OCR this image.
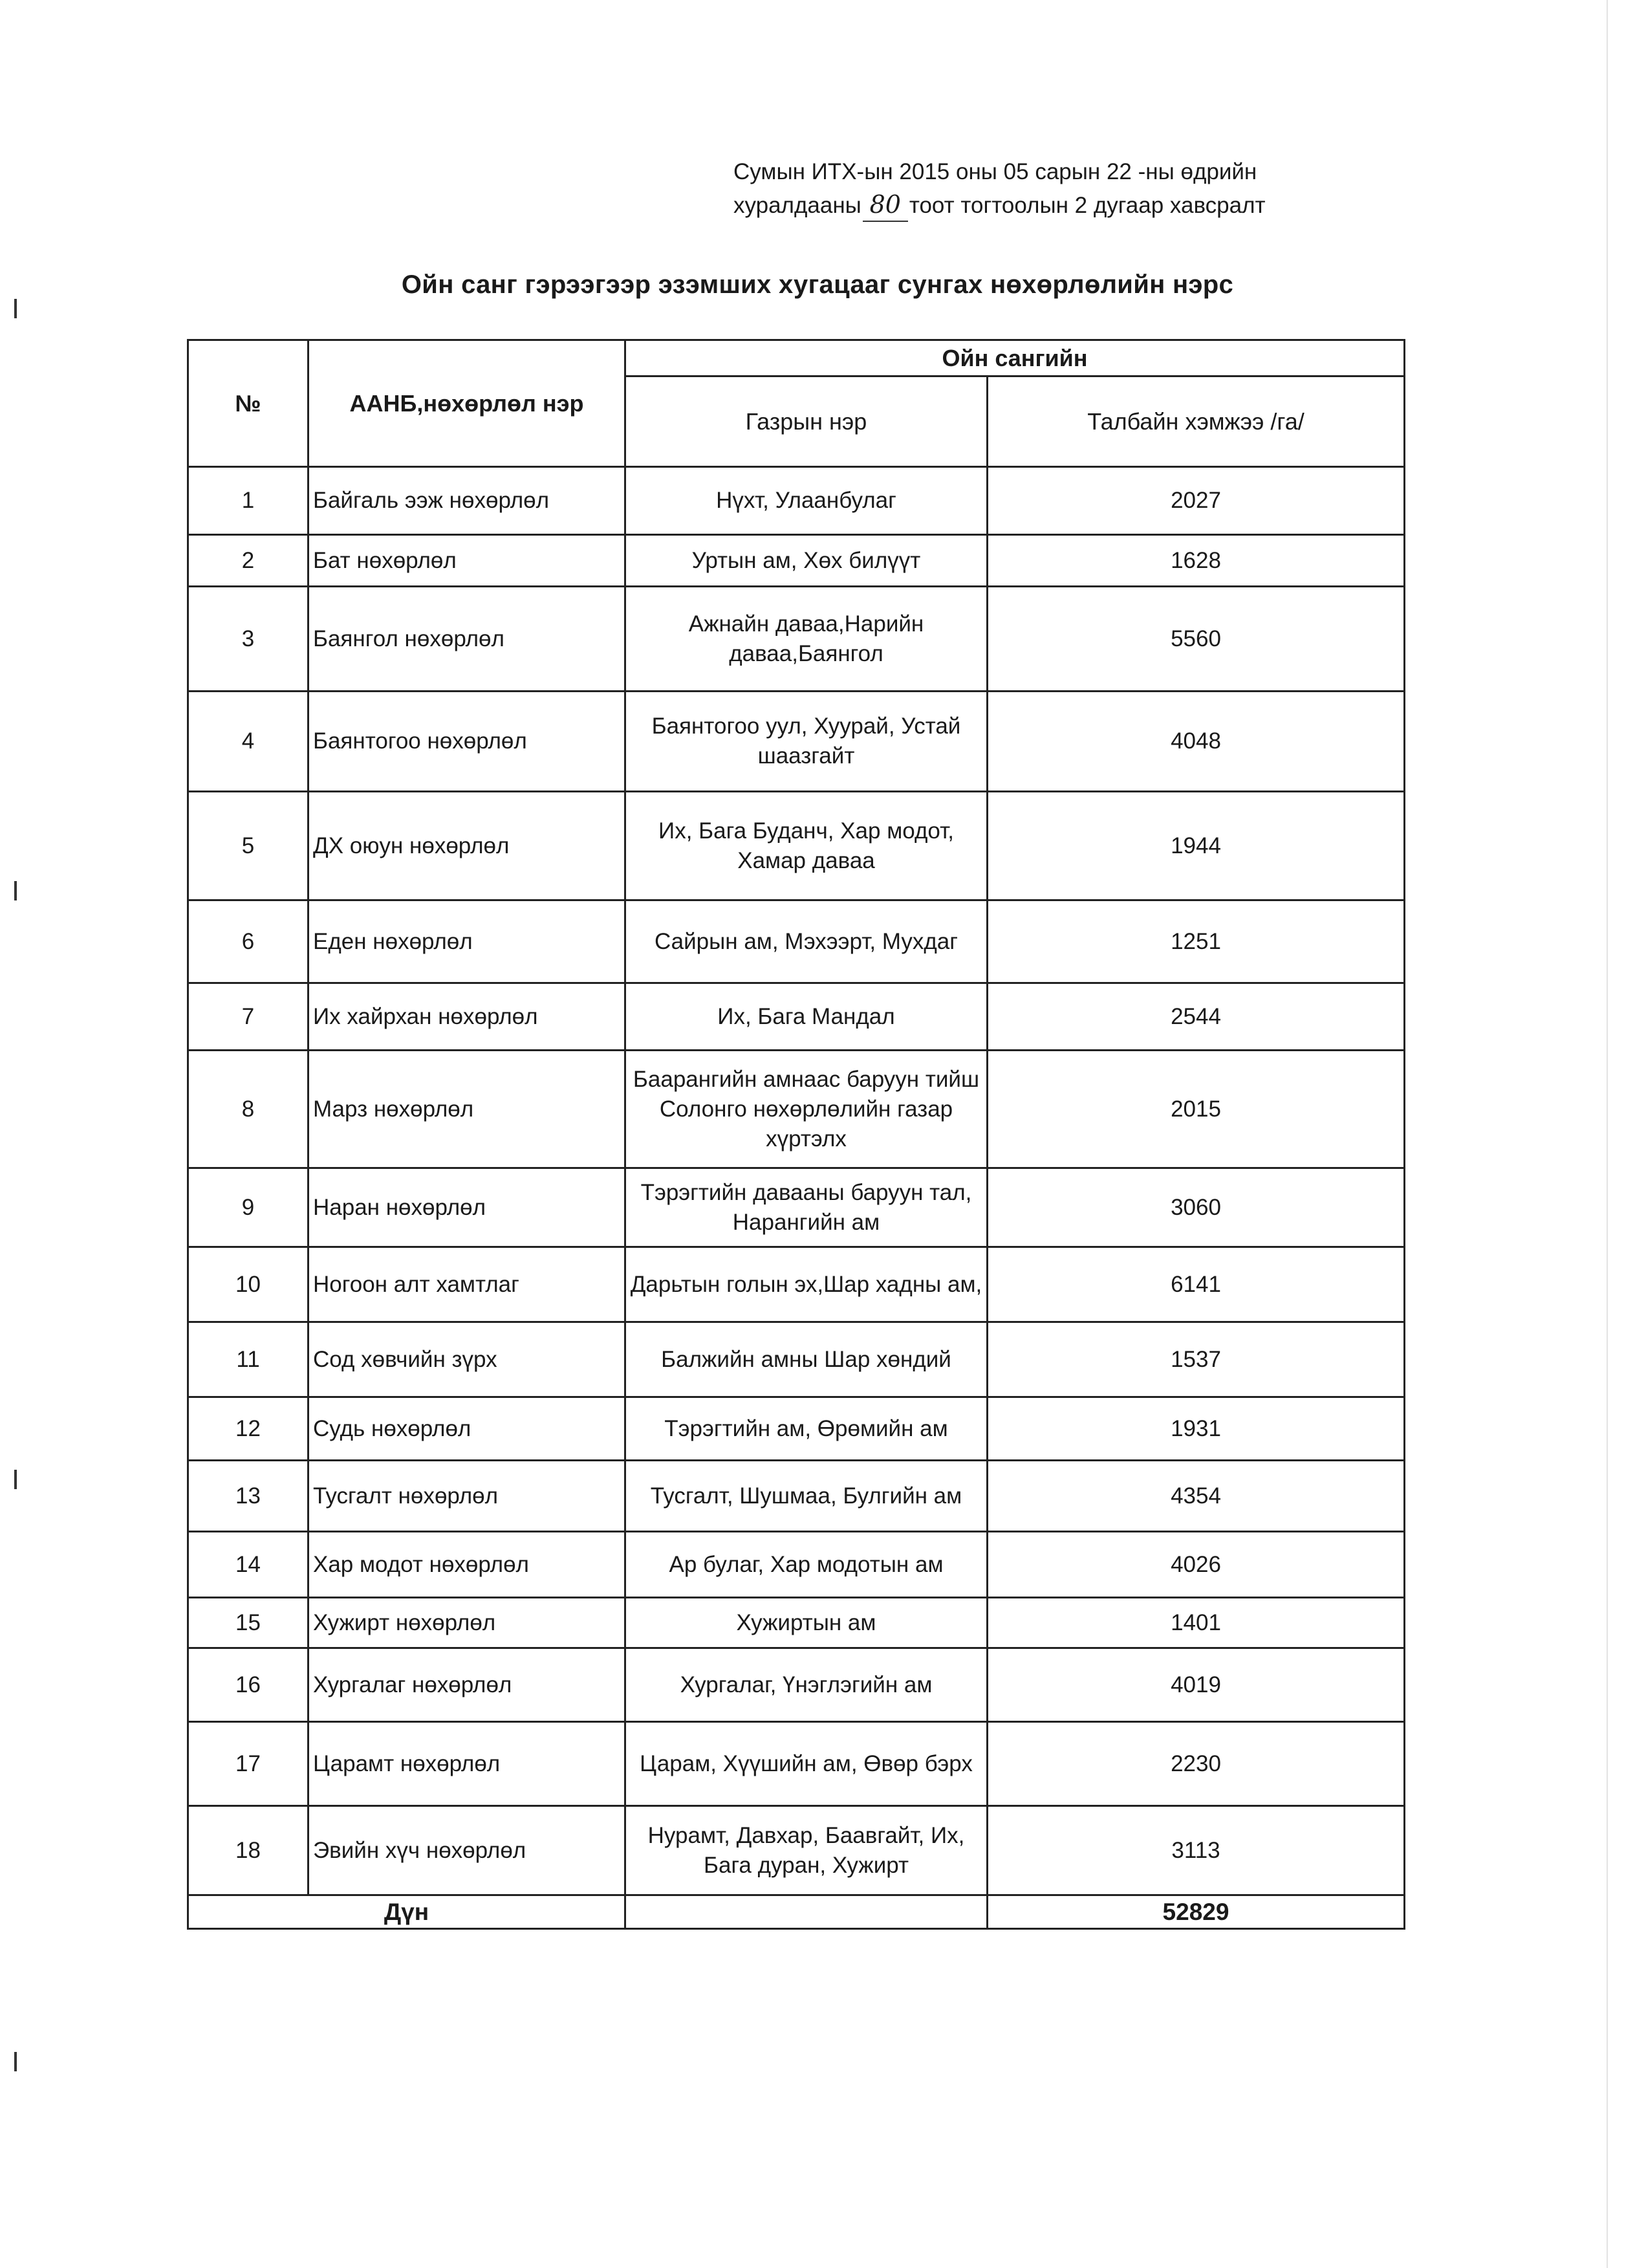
Сумын ИТХ-ын 2015 оны 05 сарын 22 -ны өдрийн
хуралдааны 80 тоот тогтоолын 2 дугаар хавсралт
Ойн санг гэрээгээр эзэмших хугацааг сунгах нөхөрлөлийн нэрс
№	ААНБ,нөхөрлөл нэр	Ойн сангийн	
		Газрын нэр	Талбайн хэмжээ /га/
1	Байгаль ээж нөхөрлөл	Нүхт, Улаанбулаг	2027
2	Бат нөхөрлөл	Уртын ам, Хөх билүүт	1628
3	Баянгол нөхөрлөл	Ажнайн даваа,Нарийн даваа,Баянгол	5560
4	Баянтогоо нөхөрлөл	Баянтогоо уул, Хуурай, Устай шаазгайт	4048
5	ДХ оюун нөхөрлөл	Их, Бага Буданч, Хар модот, Хамар даваа	1944
6	Еден нөхөрлөл	Сайрын ам, Мэхээрт, Мухдаг	1251
7	Их хайрхан нөхөрлөл	Их, Бага Мандал	2544
8	Марз нөхөрлөл	Баарангийн амнаас баруун тийш Солонго нөхөрлөлийн газар хүртэлх	2015
9	Наран нөхөрлөл	Тэрэгтийн давааны баруун тал, Нарангийн ам	3060
10	Ногоон алт хамтлаг	Дарьтын голын эх,Шар хадны ам,	6141
11	Сод хөвчийн зүрх	Балжийн амны Шар хөндий	1537
12	Судь нөхөрлөл	Тэрэгтийн ам, Өрөмийн ам	1931
13	Тусгалт нөхөрлөл	Тусгалт, Шушмаа, Булгийн ам	4354
14	Хар модот нөхөрлөл	Ар булаг, Хар модотын ам	4026
15	Хужирт нөхөрлөл	Хужиртын ам	1401
16	Хургалаг нөхөрлөл	Хургалаг, Үнэглэгийн ам	4019
17	Царамт нөхөрлөл	Царам, Хүүшийн ам, Өвөр бэрх	2230
18	Эвийн хүч нөхөрлөл	Нурамт, Давхар, Баавгайт, Их, Бага дуран, Хужирт	3113
Дүн			52829
